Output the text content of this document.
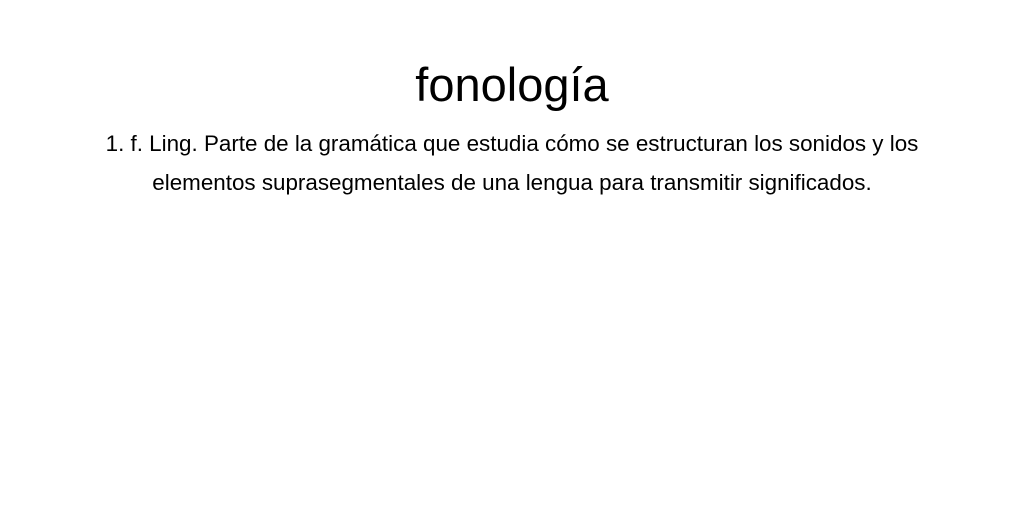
fonología

1. f. Ling. Parte de la gramática que estudia cómo se estructuran los sonidos y los elementos suprasegmentales de una lengua para transmitir significados.
